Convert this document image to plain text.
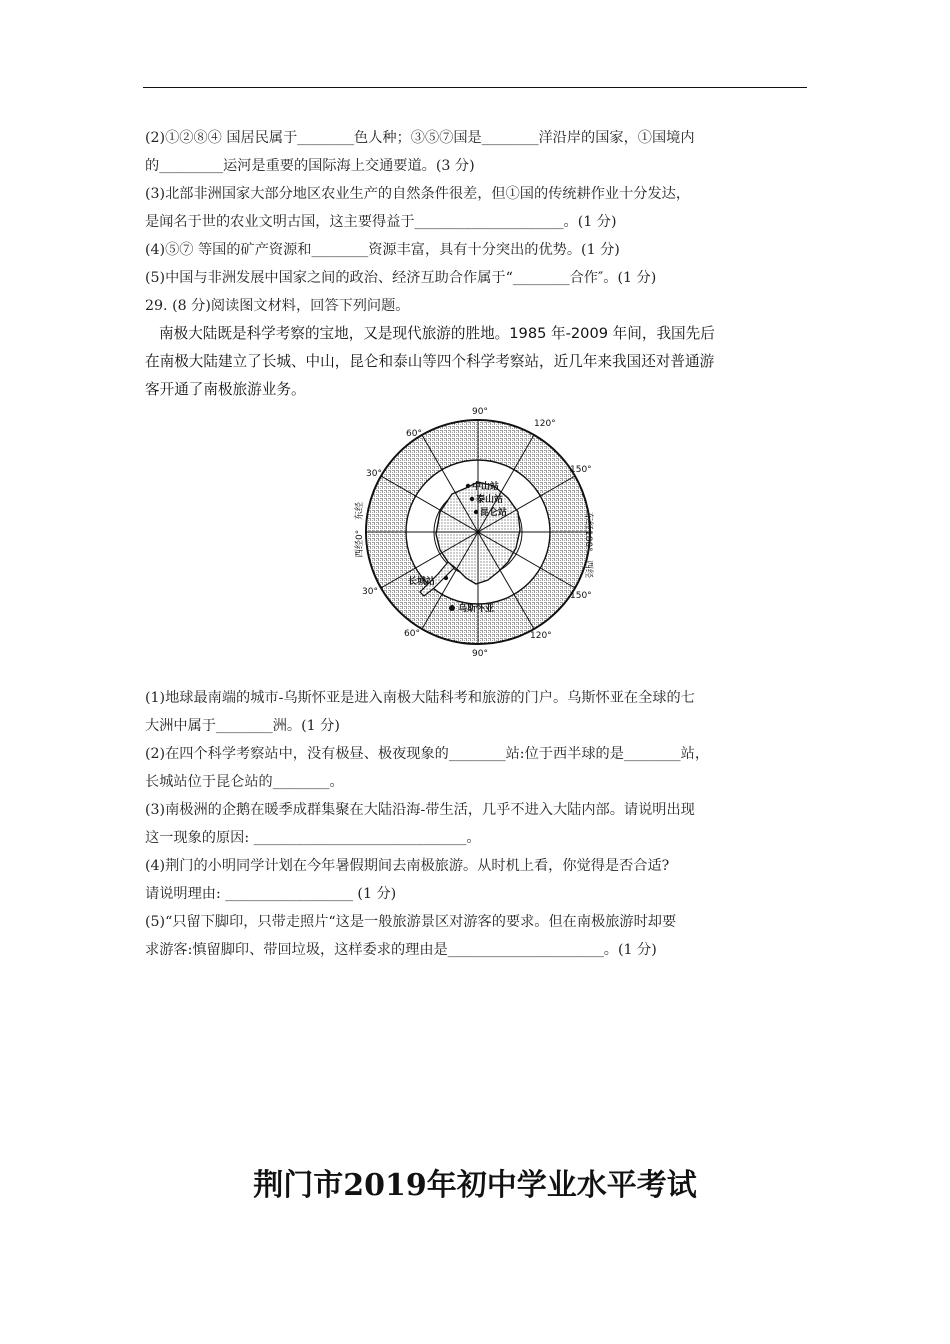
(2)①②⑧④ 国居民属于________色人种；③⑤⑦国是________洋沿岸的国家，①国境内
的_________运河是重要的国际海上交通要道。(3 分)
(3)北部非洲国家大部分地区农业生产的自然条件很差，但①国的传统耕作业十分发达，
是闻名于世的农业文明古国，这主要得益于_____________________。(1 分)
(4)⑤⑦ 等国的矿产资源和________资源丰富，具有十分突出的优势。(1 分)
(5)中国与非洲发展中国家之间的政治、经济互助合作属于“________合作″。(1 分)
29. (8 分)阅读图文材料，回答下列问题。
南极大陆既是科学考察的宝地，又是现代旅游的胜地。1985 年-2009 年间，我国先后
在南极大陆建立了长城、中山，昆仑和泰山等四个科学考察站，近几年来我国还对普通游
客开通了南极旅游业务。
90°
120°
150°
东经180°
西经
60°
30°
西经0°
东经
30°
60°
90°
120°
150°
中山站
泰山站
昆仑站
长城站
乌斯怀亚
(1)地球最南端的城市-乌斯怀亚是进入南极大陆科考和旅游的门户。乌斯怀亚在全球的七
大洲中属于________洲。(1 分)
(2)在四个科学考察站中，没有极昼、极夜现象的________站:位于西半球的是________站，
长城站位于昆仑站的________。
(3)南极洲的企鹅在暖季成群集聚在大陆沿海-带生活，几乎不进入大陆内部。请说明出现
这一现象的原因: ______________________________。
(4)荆门的小明同学计划在今年暑假期间去南极旅游。从时机上看，你觉得是否合适?
请说明理由: __________________ (1 分)
(5)“只留下脚印，只带走照片“这是一般旅游景区对游客的要求。但在南极旅游时却要
求游客:慎留脚印、带回垃圾，这样委求的理由是______________________。(1 分)
荆门市2019年初中学业水平考试
